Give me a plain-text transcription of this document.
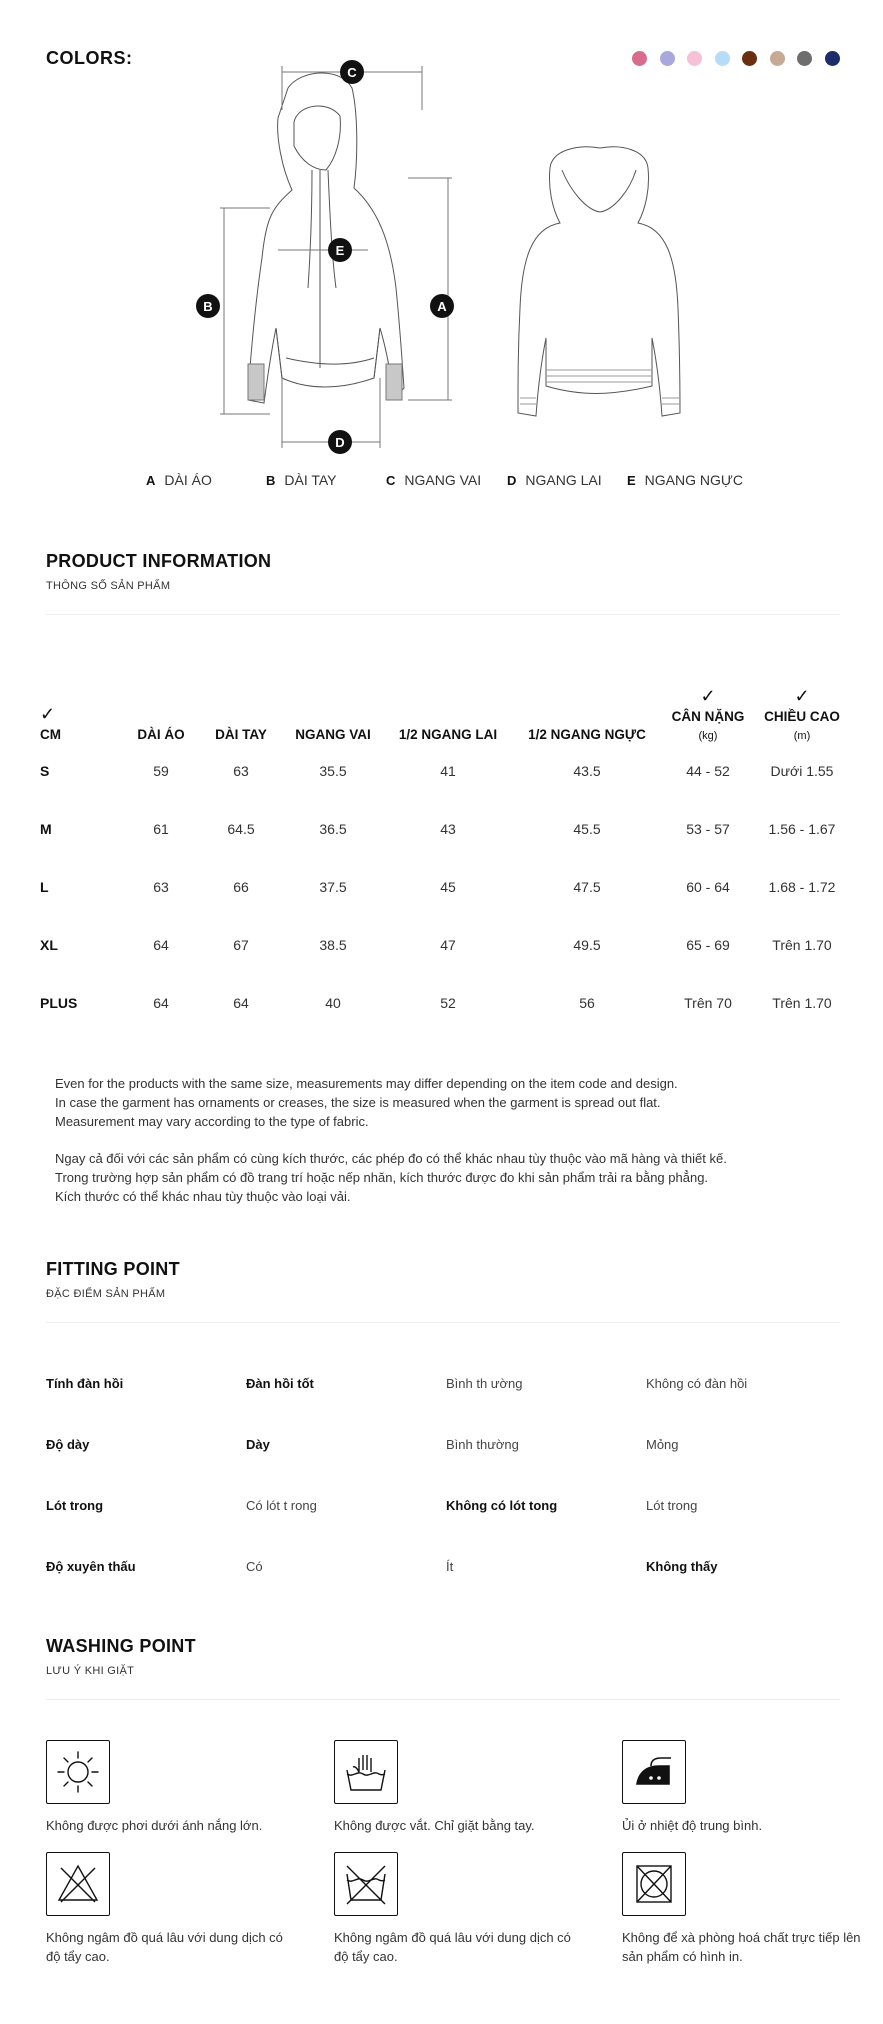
COLORS:
C
E
A
B
D
A DÀI ÁO	B DÀI TAY	C NGANG VAI D NGANG LAI E NGANG NGỰC
PRODUCT INFORMATION
THÔNG SỐ SẢN PHẨM
✓
CM	DÀI ÁO	DÀI TAY	NGANG VAI	1/2 NGANG LAI	1/2 NGANG NGỰC	✓
CÂN NẶNG
(kg)	✓
CHIỀU CAO
(m)

S	59	63	35.5	41	43.5	44 - 52	Dưới 1.55
M	61	64.5	36.5	43	45.5	53 - 57	1.56 - 1.67
L	63	66	37.5	45	47.5	60 - 64	1.68 - 1.72
XL	64	67	38.5	47	49.5	65 - 69	Trên 1.70
PLUS	64	64	40	52	56	Trên 70	Trên 1.70

Even for the products with the same size, measurements may differ depending on the item code and design.
In case the garment has ornaments or creases, the size is measured when the garment is spread out flat.
Measurement may vary according to the type of fabric.

Ngay cả đối với các sản phẩm có cùng kích thước, các phép đo có thể khác nhau tùy thuộc vào mã hàng và thiết kế.
Trong trường hợp sản phẩm có đồ trang trí hoặc nếp nhăn, kích thước được đo khi sản phẩm trải ra bằng phẳng.
Kích thước có thể khác nhau tùy thuộc vào loại vải.

FITTING POINT
ĐẶC ĐIỂM SẢN PHẨM
Tính đàn hồi	Đàn hồi tốt	Bình th ường	Không có đàn hồi
Độ dày	Dày	Bình thường	Mỏng
Lót trong	Có lót t rong	Không có lót tong	Lót trong
Độ xuyên thấu	Có	Ít	Không thấy
WASHING POINT
LƯU Ý KHI GIẶT
Không được phơi dưới ánh nắng lớn.	Không được vắt. Chỉ giặt bằng tay.	Ủi ở nhiệt độ trung bình.
Không ngâm đồ quá lâu với dung dịch có độ tẩy cao.
Không ngâm đồ quá lâu với dung dịch có độ tẩy cao.
Không để xà phòng hoá chất trực tiếp lên sản phẩm có hình in.
